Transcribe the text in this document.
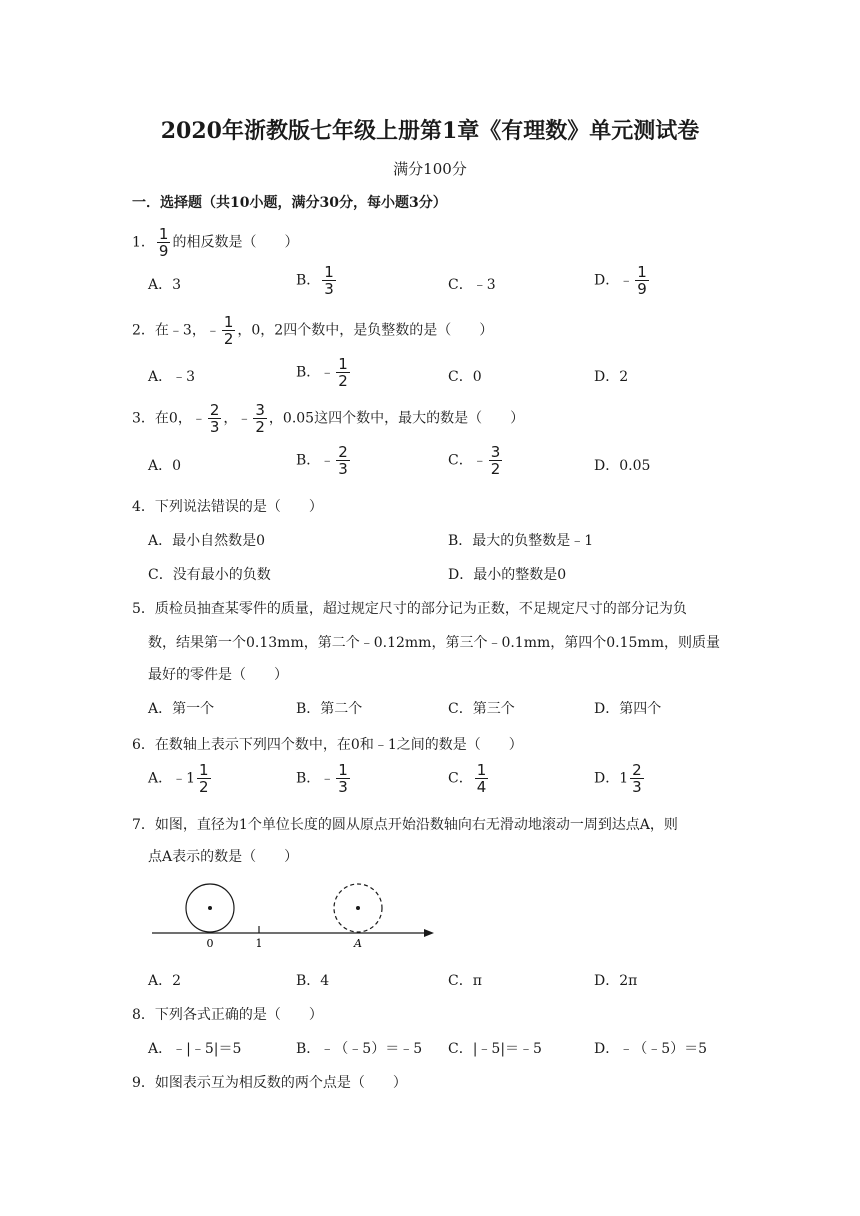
2020年浙教版七年级上册第1章《有理数》单元测试卷
满分100分
一．选择题（共10小题，满分30分，每小题3分）
1． $\frac{1}{9}$ 的相反数是（　　）
A．3	B． $\frac{1}{3}$	C．﹣3	D．﹣ $\frac{1}{9}$
2．在﹣3，﹣ $\frac{1}{2}$ ，0，2四个数中，是负整数的是（　　）
A．﹣3	B．﹣ $\frac{1}{2}$	C．0	D．2
3．在0，﹣ $\frac{2}{3}$ ，﹣ $\frac{3}{2}$ ，0.05这四个数中，最大的数是（　　）
A．0	B．﹣ $\frac{2}{3}$	C．﹣ $\frac{3}{2}$	D．0.05
4．下列说法错误的是（　　）
A．最小自然数是0	B．最大的负整数是﹣1
C．没有最小的负数	D．最小的整数是0
5．质检员抽查某零件的质量，超过规定尺寸的部分记为正数，不足规定尺寸的部分记为负
数，结果第一个0.13mm，第二个﹣0.12mm，第三个﹣0.1mm，第四个0.15mm，则质量
最好的零件是（　　）
A．第一个	B．第二个	C．第三个	D．第四个
6．在数轴上表示下列四个数中，在0和﹣1之间的数是（　　）
A．﹣1 $\frac{1}{2}$	B．﹣ $\frac{1}{3}$	C． $\frac{1}{4}$	D．$1 \frac{2}{3}$
7．如图，直径为1个单位长度的圆从原点开始沿数轴向右无滑动地滚动一周到达点A，则
点A表示的数是（　　）
0	1	A
A．2	B．4	C．π	D．2π
8．下列各式正确的是（　　）
A．﹣|﹣5|＝5	B．﹣（﹣5）＝﹣5 C．|﹣5|＝﹣5	D．﹣（﹣5）＝5
9．如图表示互为相反数的两个点是（　　）
